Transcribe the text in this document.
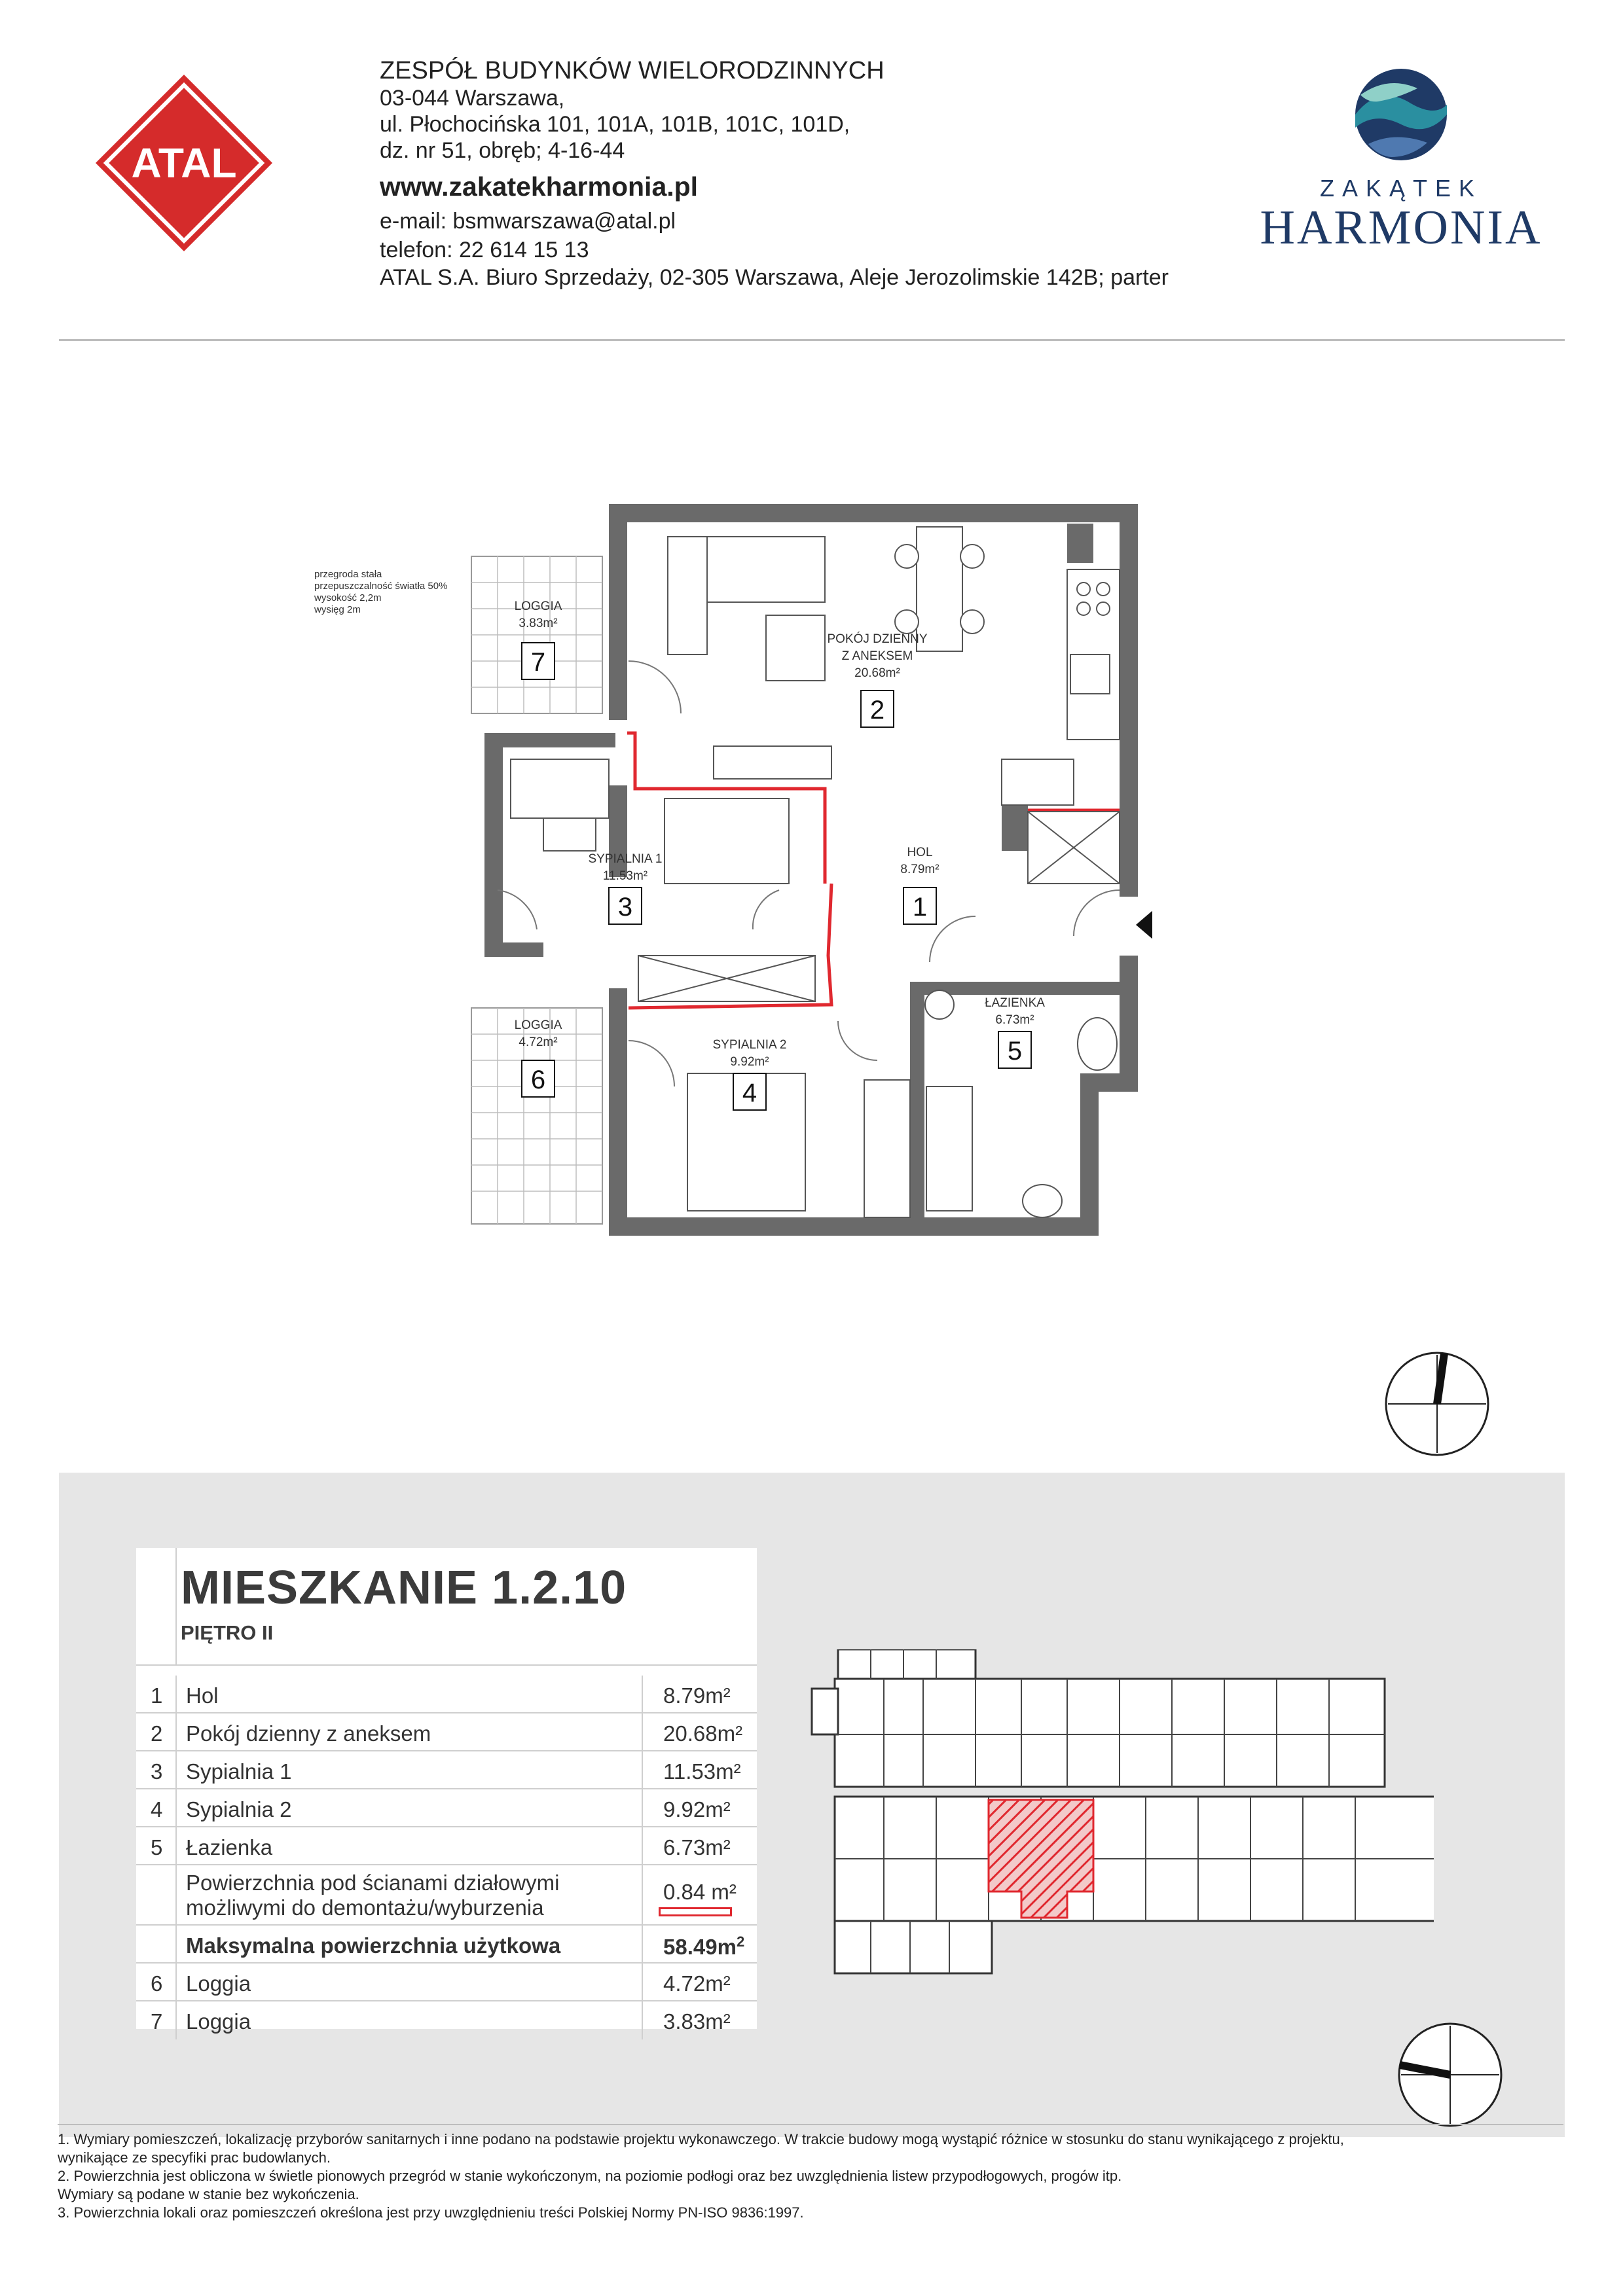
ATAL
ZESPÓŁ BUDYNKÓW WIELORODZINNYCH
03-044 Warszawa,
ul. Płochocińska 101, 101A, 101B, 101C, 101D,
dz. nr 51, obręb; 4-16-44
www.zakatekharmonia.pl
e-mail: bsmwarszawa@atal.pl
telefon: 22 614 15 13
ATAL S.A. Biuro Sprzedaży, 02-305 Warszawa, Aleje Jerozolimskie 142B; parter
ZAKĄTEK
HARMONIA
przegroda stała
przepuszczalność światła 50%
wysokość 2,2m
wysięg 2m	LOGGIA
3.83m²
7
POKÓJ DZIENNY
Z ANEKSEM
20.68m²
2
SYPIALNIA 1
11.53m²
3
HOL
8.79m²
1
ŁAZIENKA
6.73m²
5
LOGGIA
4.72m²
6
SYPIALNIA 2
9.92m²
4
MIESZKANIE 1.2.10
PIĘTRO II
1 Hol	8.79m²
2 Pokój dzienny z aneksem	20.68m²
3 Sypialnia 1	11.53m²
4 Sypialnia 2	9.92m²
5 Łazienka	6.73m²
Powierzchnia pod ścianami działowymi
możliwymi do demontażu/wyburzenia
0.84 m²
Maksymalna powierzchnia użytkowa	$58.49m^2$
6 Loggia	4.72m²
7 Loggia	3.83m²
1. Wymiary pomieszczeń, lokalizację przyborów sanitarnych i inne podano na podstawie projektu wykonawczego. W trakcie budowy mogą wystąpić różnice w stosunku do stanu wynikającego z projektu,
wynikające ze specyfiki prac budowlanych.
2. Powierzchnia jest obliczona w świetle pionowych przegród w stanie wykończonym, na poziomie podłogi oraz bez uwzględnienia listew przypodłogowych, progów itp.
Wymiary są podane w stanie bez wykończenia.
3. Powierzchnia lokali oraz pomieszczeń określona jest przy uwzględnieniu treści Polskiej Normy PN-ISO 9836:1997.
